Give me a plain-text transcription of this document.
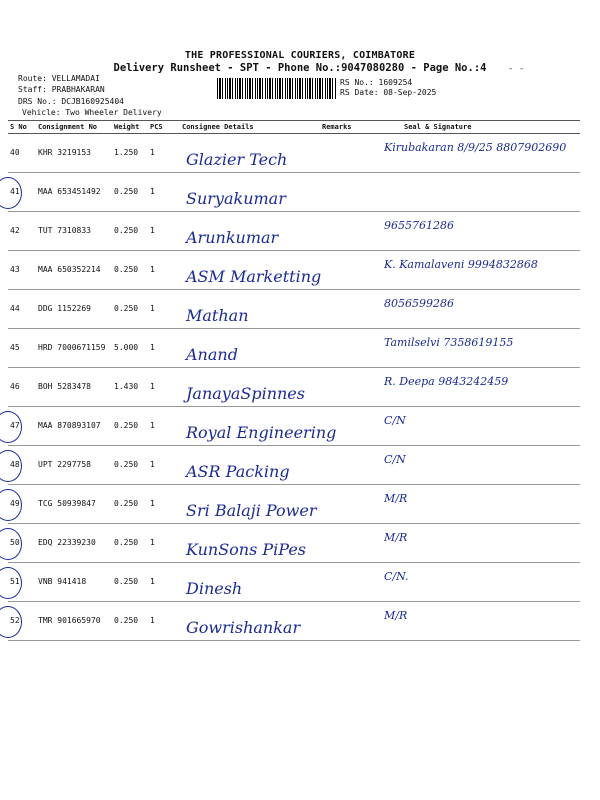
THE PROFESSIONAL COURIERS, COIMBATORE
Delivery Runsheet - SPT - Phone No.:9047080280 - Page No.:4	- -
Route: VELLAMADAI
Staff: PRABHAKARAN
DRS No.: DCJB160925404
Vehicle: Two Wheeler Delivery
RS No.: 1609254
RS Date: 08-Sep-2025
S No	Consignment No	Weight	PCS	Consignee Details	Remarks	Seal & Signature
40	KHR 3219153	1.250	1	Glazier Tech		Kirubakaran 8/9/25 8807902690

41	MAA 653451492	0.250	1	Suryakumar		

42	TUT 7310833	0.250	1	Arunkumar		9655761286

43	MAA 650352214	0.250	1	ASM Marketting		K. Kamalaveni 9994832868

44	DDG 1152269	0.250	1	Mathan		8056599286

45	HRD 7000671159	5.000	1	Anand		Tamilselvi 7358619155

46	BOH 5283478	1.430	1	JanayaSpinnes		R. Deepa 9843242459

47	MAA 870893107	0.250	1	Royal Engineering		C/N

48	UPT 2297758	0.250	1	ASR Packing		C/N

49	TCG 50939847	0.250	1	Sri Balaji Power		M/R

50	EDQ 22339230	0.250	1	KunSons PiPes		M/R

51	VNB 941418	0.250	1	Dinesh		C/N.

52	TMR 901665970	0.250	1	Gowrishankar		M/R
